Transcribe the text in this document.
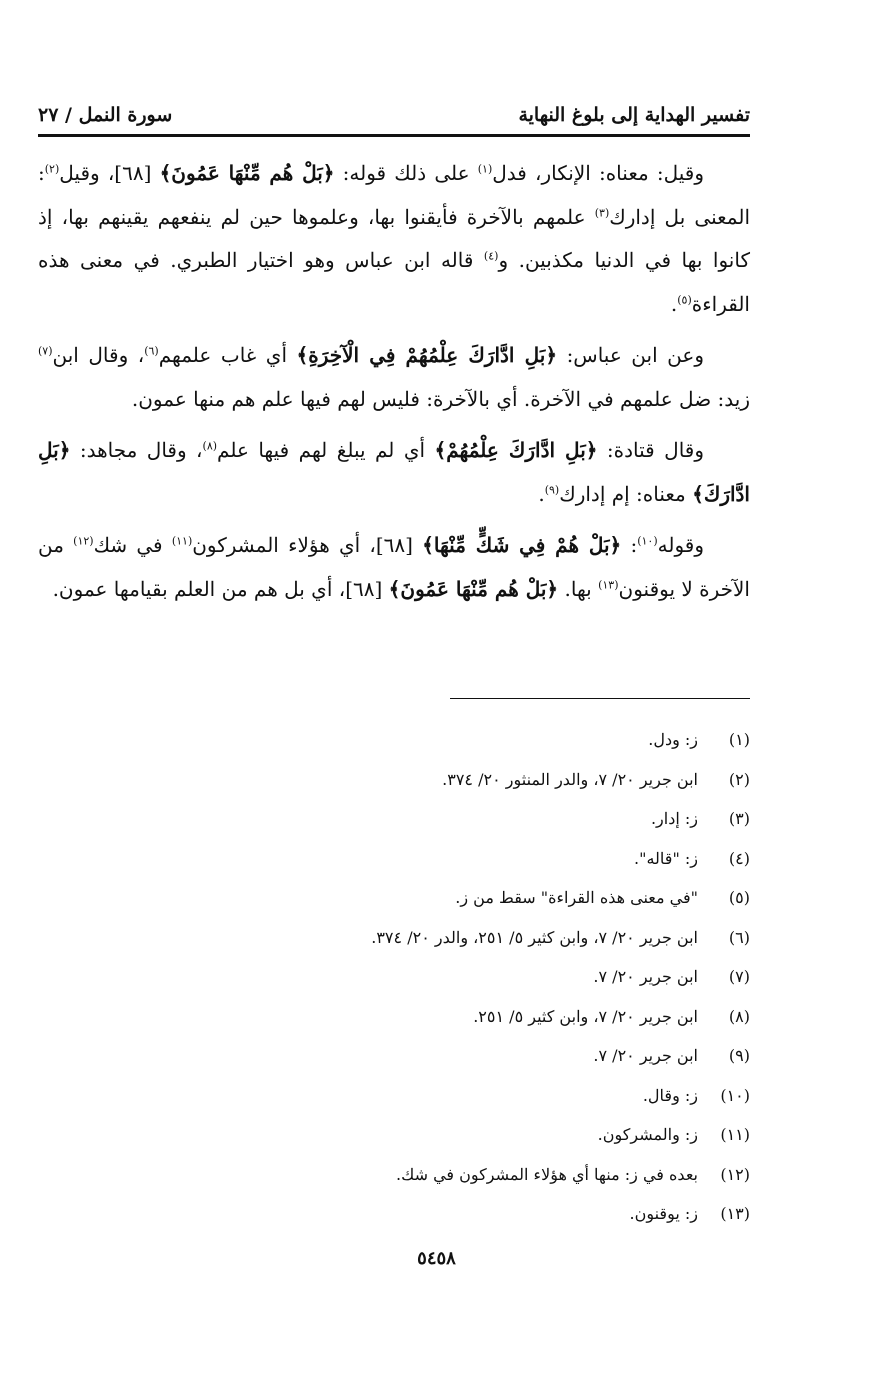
تفسير الهداية إلى بلوغ النهاية
سورة النمل / ٢٧

وقيل: معناه: الإنكار، فدل$^{(١)}$ على ذلك قوله: ﴿بَلْ هُم مِّنْهَا عَمُونَ﴾ [٦٨]، وقيل$^{(٢)}$: المعنى بل إدارك$^{(٣)}$ علمهم بالآخرة فأيقنوا بها، وعلموها حين لم ينفعهم يقينهم بها، إذ كانوا بها في الدنيا مكذبين. و$^{(٤)}$ قاله ابن عباس وهو اختيار الطبري. في معنى هذه القراءة$^{(٥)}$.

وعن ابن عباس: ﴿بَلِ ادَّارَكَ عِلْمُهُمْ فِي الْآخِرَةِ﴾ أي غاب علمهم$^{(٦)}$، وقال ابن$^{(٧)}$ زيد: ضل علمهم في الآخرة. أي بالآخرة: فليس لهم فيها علم هم منها عمون.

وقال قتادة: ﴿بَلِ ادَّارَكَ عِلْمُهُمْ﴾ أي لم يبلغ لهم فيها علم$^{(٨)}$، وقال مجاهد: ﴿بَلِ ادَّارَكَ﴾ معناه: إم إدارك$^{(٩)}$.

وقوله$^{(١٠)}$: ﴿بَلْ هُمْ فِي شَكٍّ مِّنْهَا﴾ [٦٨]، أي هؤلاء المشركون$^{(١١)}$ في شك$^{(١٢)}$ من الآخرة لا يوقنون$^{(١٣)}$ بها. ﴿بَلْ هُم مِّنْهَا عَمُونَ﴾ [٦٨]، أي بل هم من العلم بقيامها عمون.

(١)
ز: ودل.
(٢)
ابن جرير ٢٠/ ٧، والدر المنثور ٢٠/ ٣٧٤.
(٣)
ز: إدار.
(٤)
ز: "قاله".
(٥)
"في معنى هذه القراءة" سقط من ز.
(٦)
ابن جرير ٢٠/ ٧، وابن كثير ٥/ ٢٥١، والدر ٢٠/ ٣٧٤.
(٧)
ابن جرير ٢٠/ ٧.
(٨)
ابن جرير ٢٠/ ٧، وابن كثير ٥/ ٢٥١.
(٩)
ابن جرير ٢٠/ ٧.
(١٠)
ز: وقال.
(١١)
ز: والمشركون.
(١٢)
بعده في ز: منها أي هؤلاء المشركون في شك.
(١٣)
ز: يوقنون.
٥٤٥٨
